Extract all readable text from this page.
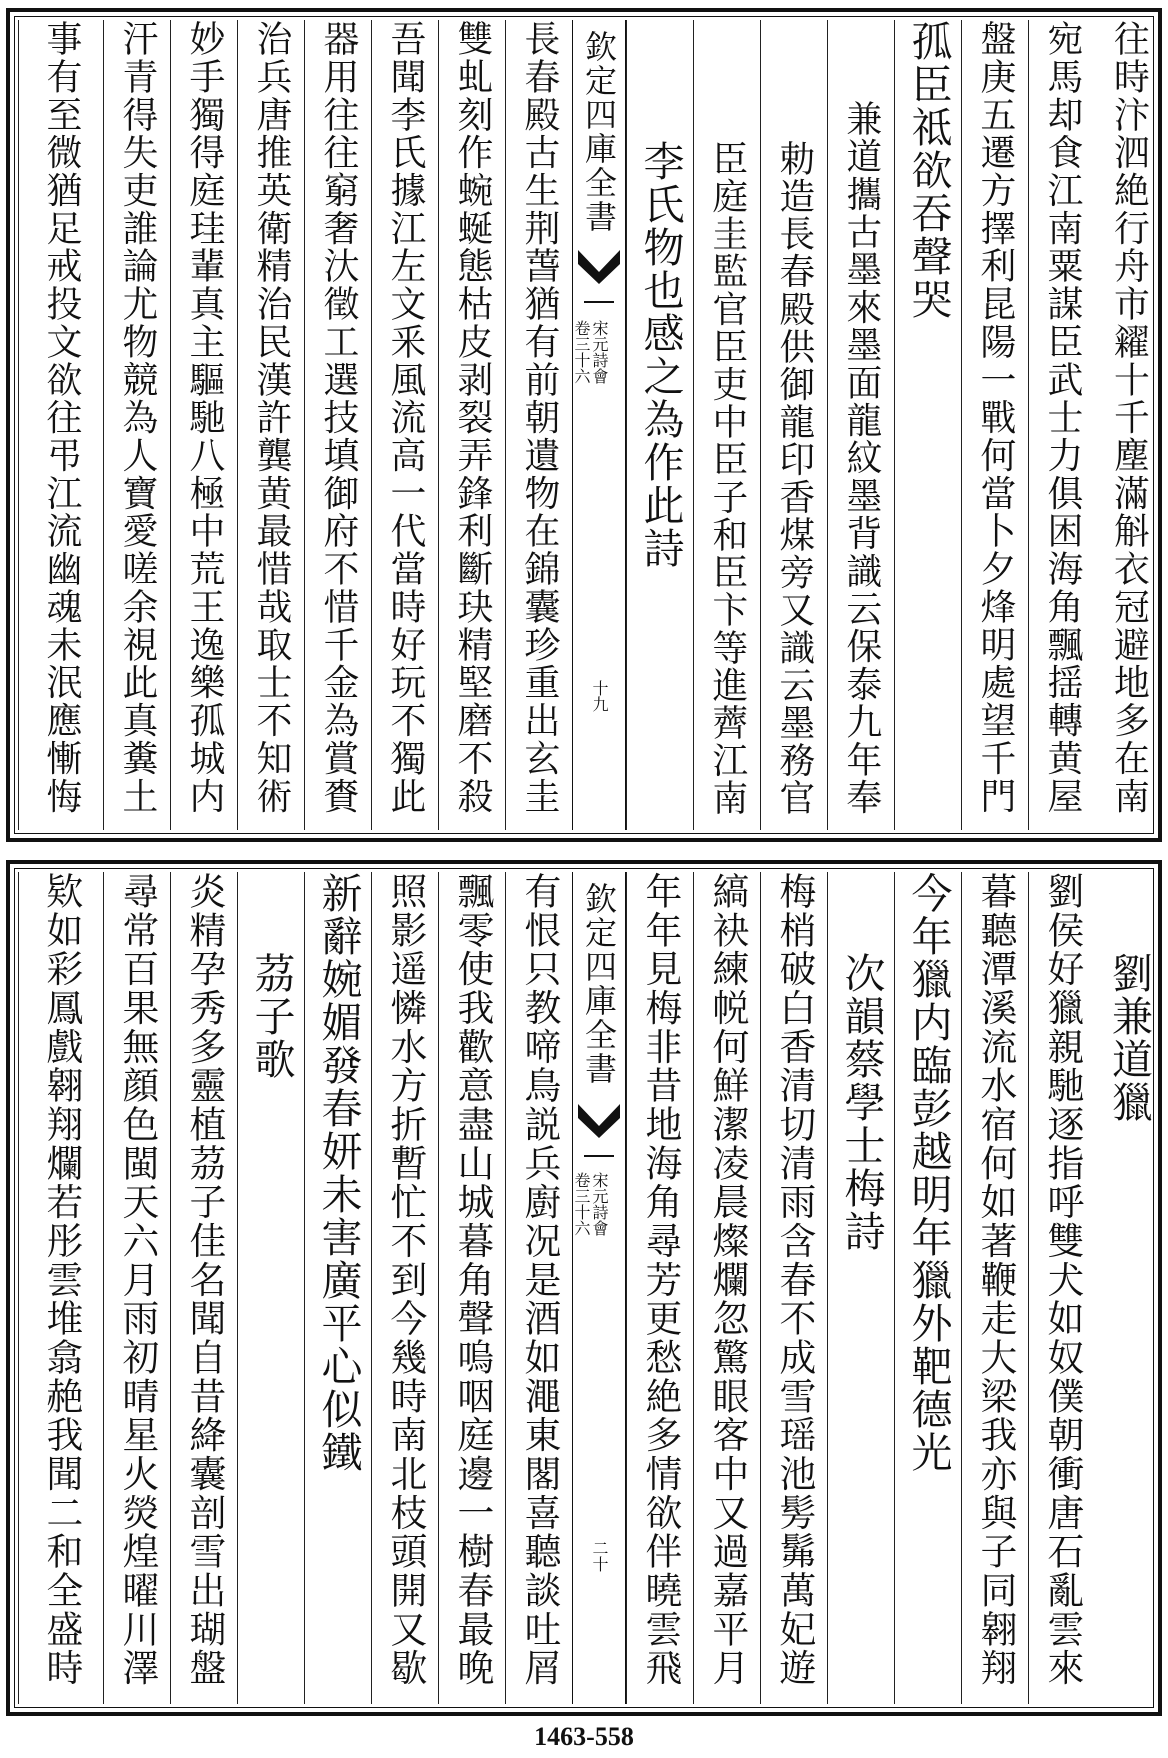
往時汴泗絶行舟市糴十千塵滿斛衣冠避地多在南
宛馬却食江南粟謀臣武士力俱困海角飄揺轉黄屋
盤庚五遷方擇利昆陽一戰何當卜夕烽明處望千門
孤臣祗欲吞聲哭
兼道攜古墨來墨面龍紋墨背識云保泰九年奉
勅造長春殿供御龍印香煤旁又識云墨務官
臣庭圭監官臣吏中臣子和臣卞等進薺江南
李氏物也感之為作此詩
欽定四庫全書
宋元詩會
卷三十六
十九
長春殿古生荆萅猶有前朝遺物在錦囊珍重出玄圭
雙虬刻作蜿蜒態枯皮剥裂弄鋒利斷玦精堅磨不殺
吾聞李氏據江左文釆風流高一代當時好玩不獨此
器用往往窮奢汏徵工選技填御府不惜千金為賞賚
治兵唐推英衛精治民漢許龔黄最惜哉取士不知術
妙手獨得庭珪輩真主驅馳八極中荒王逸樂孤城内
汗青得失吏誰論尤物競為人寶愛嗟余視此真糞土
事有至微猶足戒投文欲往弔江流幽魂未泯應慚悔
劉兼道獵
劉侯好獵親馳逐指呼雙犬如奴僕朝衝唐石亂雲來
暮聽潭溪流水宿何如著鞭走大梁我亦與子同翱翔
今年獵内臨彭越明年獵外靶德光
次韻蔡學士梅詩
梅梢破白香清切清雨含春不成雪瑶池髣髴萬妃遊
縞袂練帨何鮮潔凌晨燦爛忽驚眼客中又過嘉平月
年年見梅非昔地海角尋芳更愁絶多情欲伴曉雲飛
欽定四庫全書
宋元詩會
卷三十六
二十
有恨只教啼鳥説兵廚况是酒如澠東閣喜聽談吐屑
飄零使我歡意盡山城暮角聲嗚咽庭邊一樹春最晚
照影遥憐水方折暫忙不到今幾時南北枝頭開又歇
新辭婉媚發春妍未害廣平心似鐵
茘子歌
炎精孕秀多靈植茘子佳名聞自昔絳囊剖雪出瑚盤
尋常百果無顔色閩天六月雨初晴星火熒煌曜川澤
欵如彩鳳戲翱翔爛若彤雲堆翕赩我聞二和全盛時
1463-558
